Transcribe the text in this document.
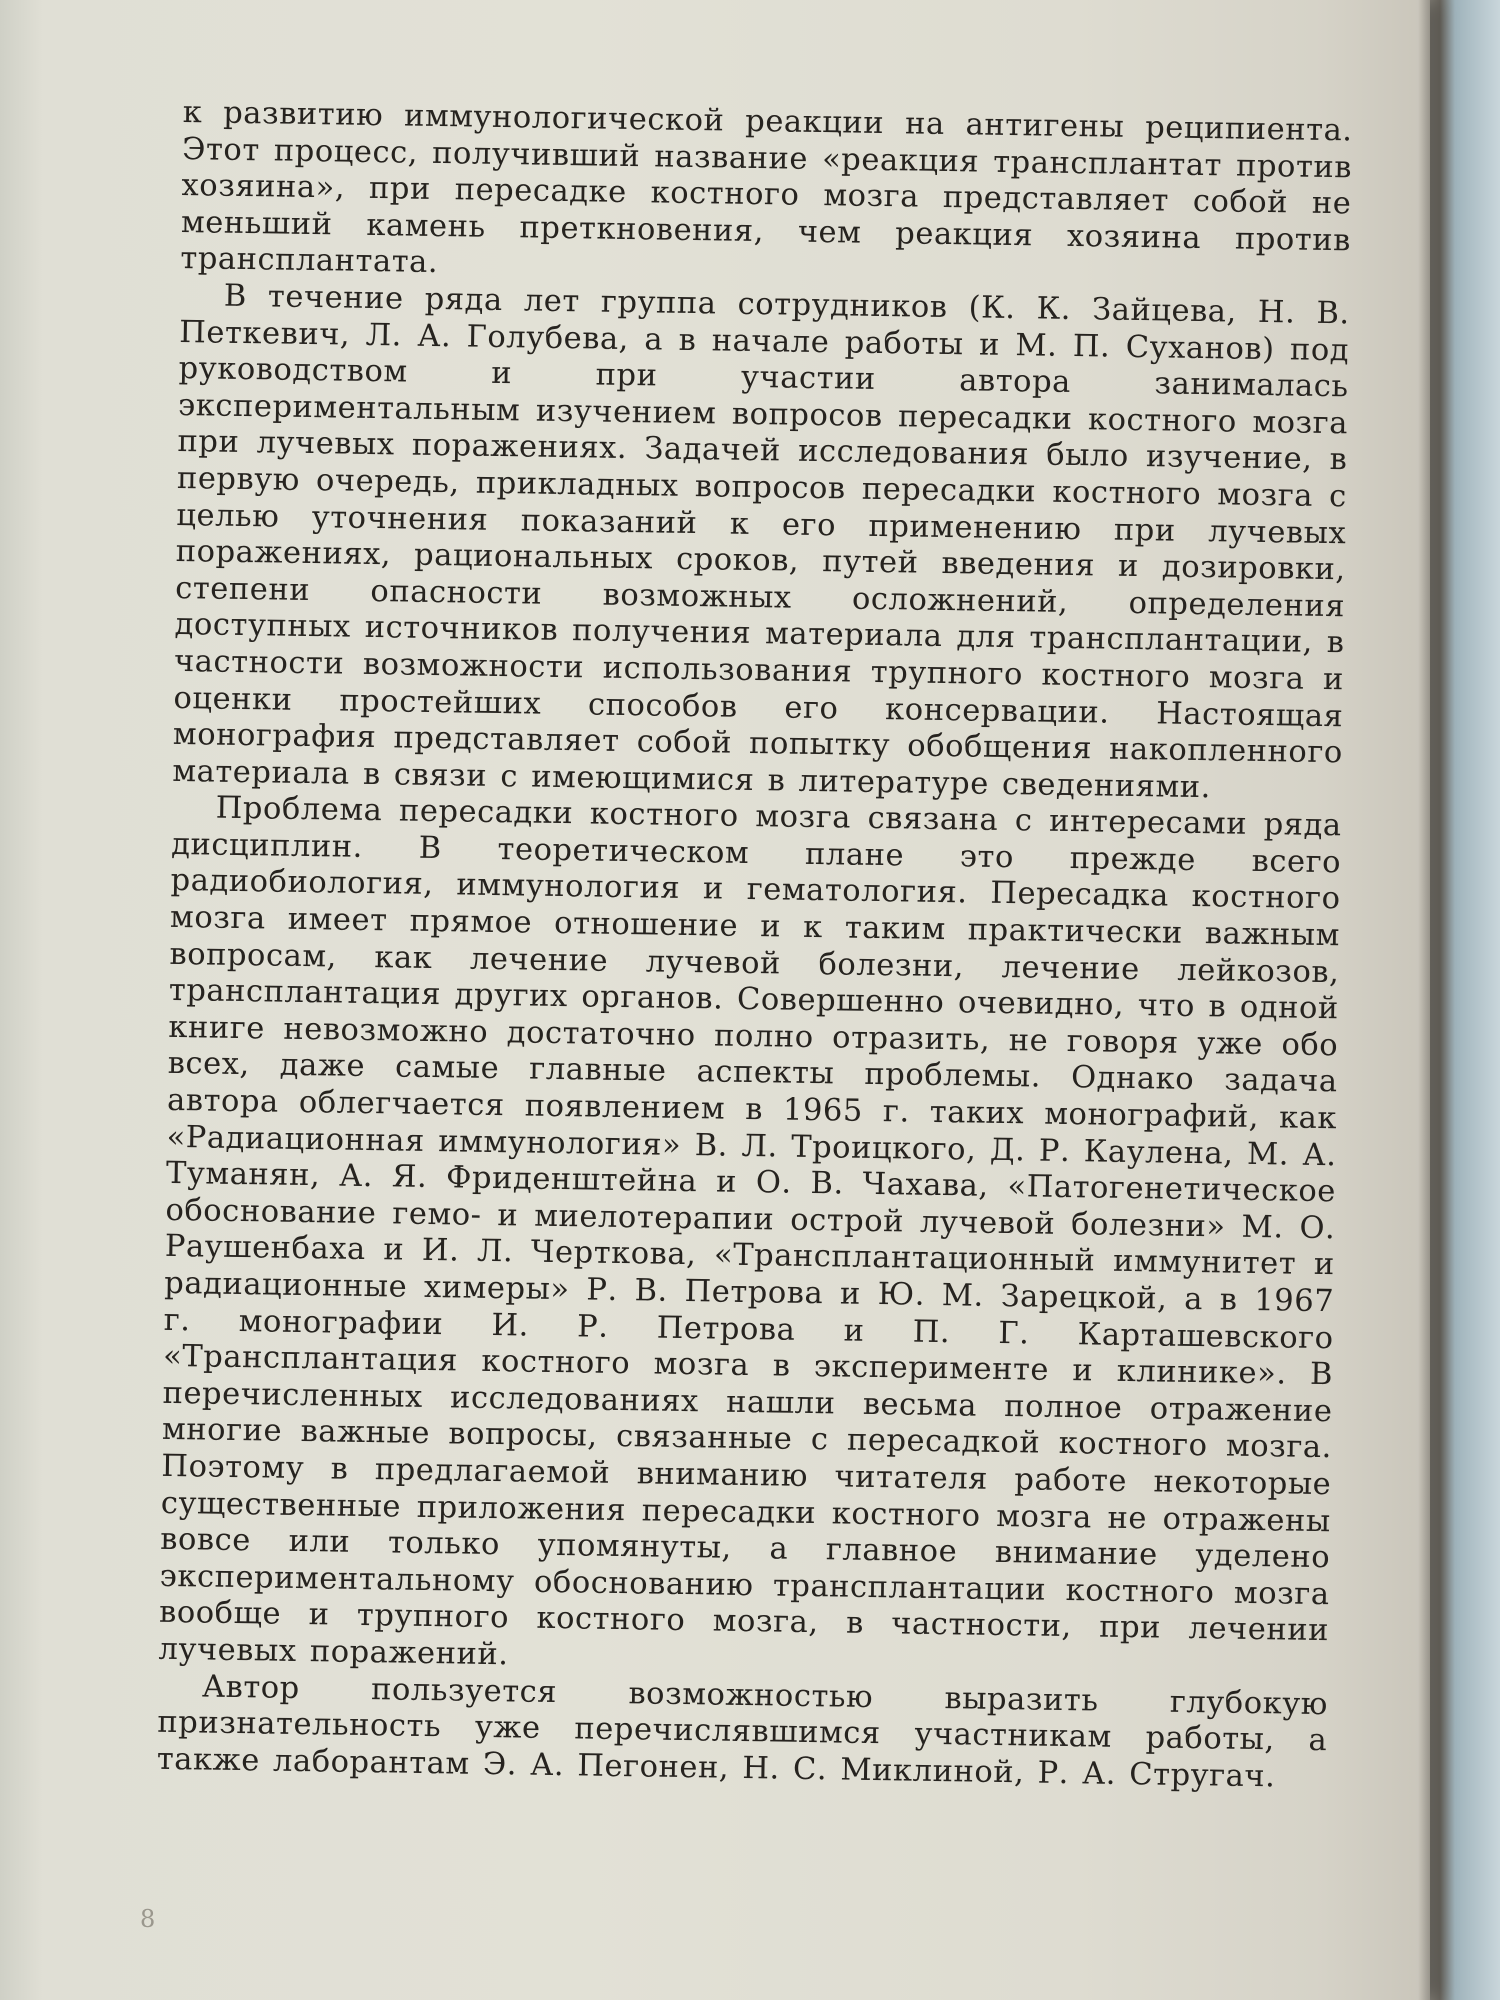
к развитию иммунологической реакции на антигены реципиента. Этот процесс, получивший название «реакция трансплантат против хозяина», при пересадке костного мозга представляет собой не меньший камень преткновения, чем реакция хозяина против трансплантата.

В течение ряда лет группа сотрудников (К. К. Зайцева, Н. В. Петкевич, Л. А. Голубева, а в начале работы и М. П. Суханов) под руководством и при участии автора занималась экспериментальным изучением вопросов пересадки костного мозга при лучевых поражениях. Задачей исследования было изучение, в первую очередь, прикладных вопросов пересадки костного мозга с целью уточнения показаний к его применению при лучевых поражениях, рациональных сроков, путей введения и дозировки, степени опасности возможных осложнений, определения доступных источников получения материала для трансплантации, в частности возможности использования трупного костного мозга и оценки простейших способов его консервации. Настоящая монография представляет собой попытку обобщения накопленного материала в связи с имеющимися в литературе сведениями.

Проблема пересадки костного мозга связана с интересами ряда дисциплин. В теоретическом плане это прежде всего радиобиология, иммунология и гематология. Пересадка костного мозга имеет прямое отношение и к таким практически важным вопросам, как лечение лучевой болезни, лечение лейкозов, трансплантация других органов. Совершенно очевидно, что в одной книге невозможно достаточно полно отразить, не говоря уже обо всех, даже самые главные аспекты проблемы. Однако задача автора облегчается появлением в 1965 г. таких монографий, как «Радиационная иммунология» В. Л. Троицкого, Д. Р. Каулена, М. А. Туманян, А. Я. Фриденштейна и О. В. Чахава, «Патогенетическое обоснование гемо- и миелотерапии острой лучевой болезни» М. О. Раушенбаха и И. Л. Черткова, «Трансплантационный иммунитет и радиационные химеры» Р. В. Петрова и Ю. М. Зарецкой, а в 1967 г. монографии И. Р. Петрова и П. Г. Карташевского «Трансплантация костного мозга в эксперименте и клинике». В перечисленных исследованиях нашли весьма полное отражение многие важные вопросы, связанные с пересадкой костного мозга. Поэтому в предлагаемой вниманию читателя работе некоторые существенные приложения пересадки костного мозга не отражены вовсе или только упомянуты, а главное внимание уделено экспериментальному обоснованию трансплантации костного мозга вообще и трупного костного мозга, в частности, при лечении лучевых поражений.

Автор пользуется возможностью выразить глубокую признательность уже перечислявшимся участникам работы, а также лаборантам Э. А. Пегонен, Н. С. Миклиной, Р. А. Стругач.

8
